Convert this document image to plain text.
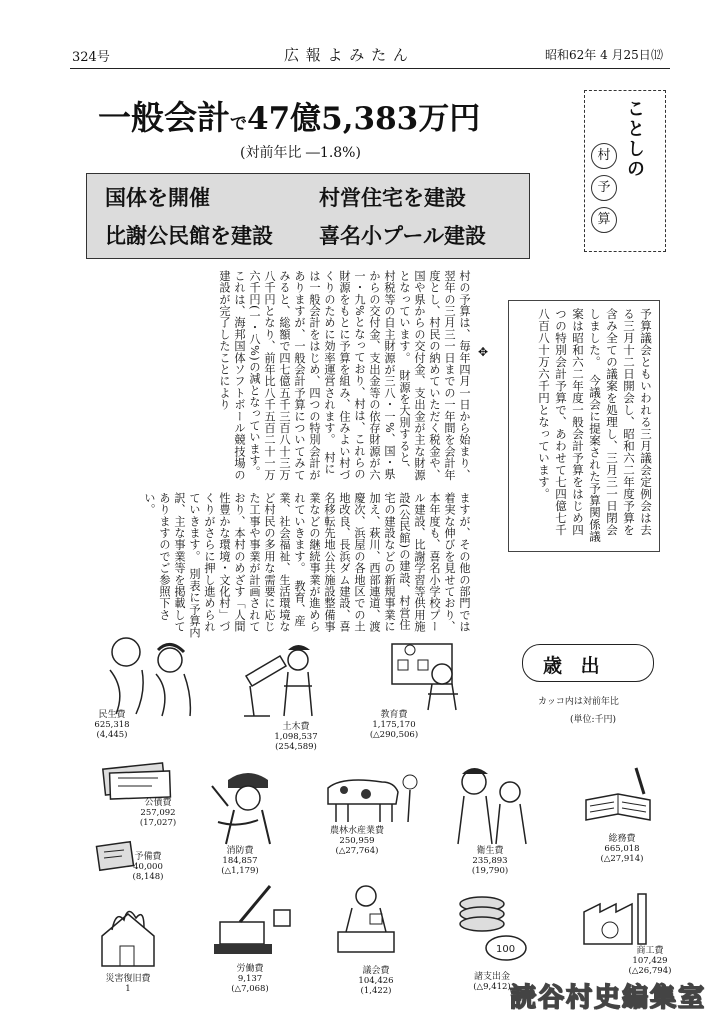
324号	広 報 よ み た ん	昭和62年 4 月25日 ⑿
一般会計で47億5,383万円
(対前年比 ―1.8%)
国体を開催	村営住宅を建設
比謝公民館を建設 喜名小プール建設
ことしの
村
予
算
予算議会ともいわれる三月議会定例会は去る三月十二日開会し、昭和六二年度予算を含み全ての議案を処理し、三月三一日閉会しました。　今議会に提案された予算関係議案は昭和六二年度一般会計予算をはじめ四つの特別会計予算で、あわせて七四億七千八百八十万六千円となっています。
村の予算は、毎年四月一日から始まり、翌年の三月三一日までの一年間を会計年度とし、村民の納めていただく税金や、国や県からの交付金、支出金が主な財源となっています。　財源を大別すると、村税等の自主財源が三八・一%、国・県からの交付金、支出金等の依存財源が六一・九%となっており、村は、これらの財源をもとに予算を組み、住みよい村づくりのために効率運営されます。　村には一般会計をはじめ、四つの特別会計がありますが、一般会計予算についてみてみると、総額で四七億五千三百八十三万八千円となり、前年比八千五百二十一万六千円(一・八%)の減となっています。　これは、海邦国体ソフトボール競技場の建設が完了したことにより	✥
ますが、その他の部門では着実な伸びを見せており、本年度も、喜名小学校プール建設、比謝学習等供用施設(公民館)の建設、村営住宅の建設などの新規事業に加え、萩川、西部連道、渡慶次、浜屋の各地区での土地改良、長浜ダム建設、喜名移転先地公共施設整備事業などの継続事業が進められていきます。　教育、産業、社会福祉、生活環境など村民の多用な需要に応じた工事や事業が計画されており、本村のめざす「人間性豊かな環境・文化村」づくりがさらに押し進められていきます。　別表に予算内訳、主な事業等を掲載してありますのでご参照下さい。
歳 出
カッコ内は対前年比
(単位:千円)
100
民生費
625,318
(4,445)
土木費
1,098,537
(254,589)
教育費
1,175,170
(△290,506)
公債費
257,092
(17,027)
消防費
184,857
(△1,179)
農林水産業費
250,959
(△27,764)	衛生費
235,893
(19,790)
総務費
665,018
(△27,914)
予備費
40,000
(8,148)
労働費
9,137
(△7,068)
議会費
104,426
(1,422)
諸支出金
(△9,412)
商工費
107,429
(△26,794)
災害復旧費
1	読谷村史編集室
